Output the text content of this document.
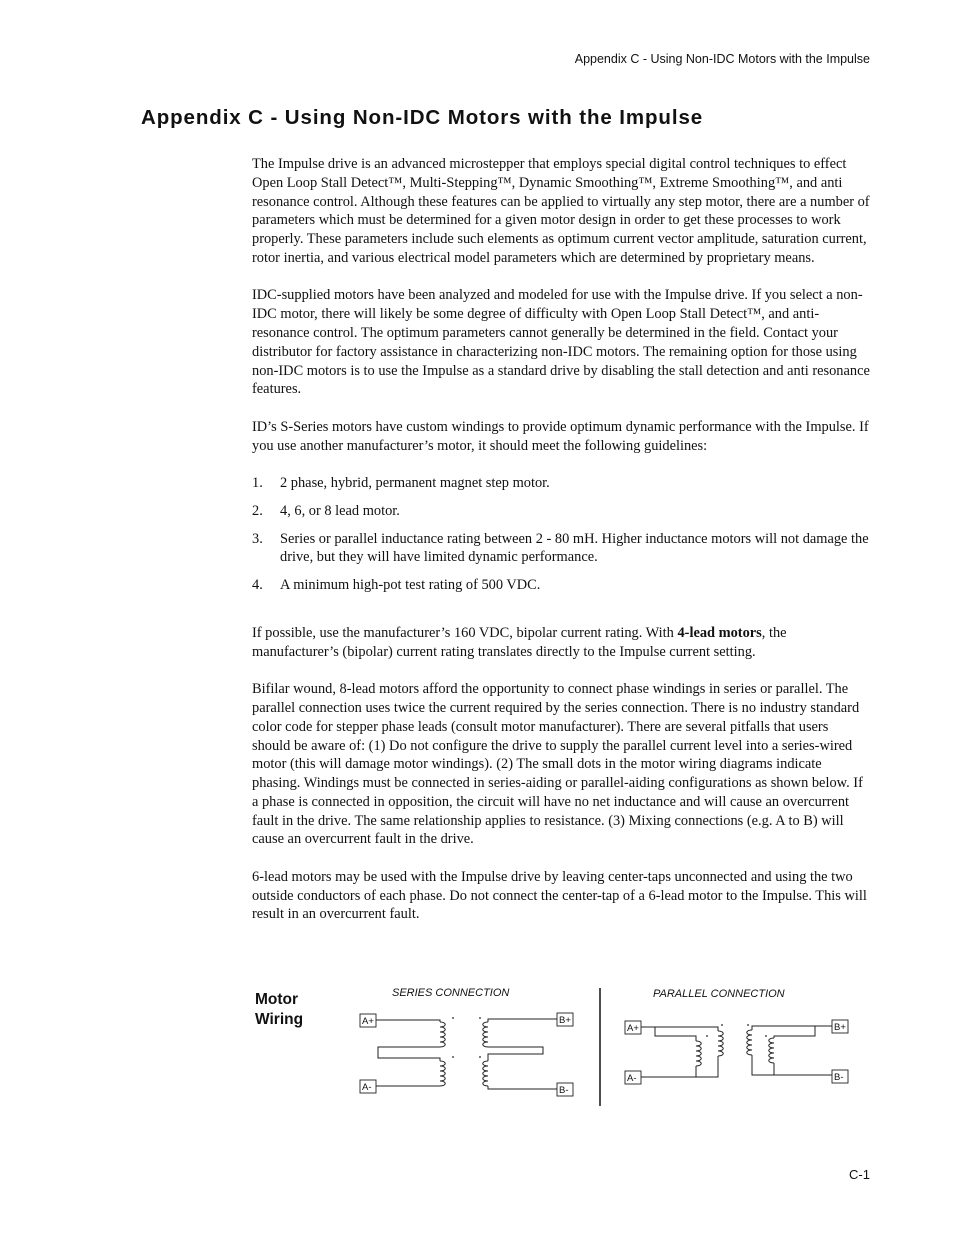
Appendix C - Using Non-IDC Motors with the Impulse
Appendix C - Using Non-IDC Motors with the Impulse

The Impulse drive is an advanced microstepper that employs special digital control techniques to effect Open Loop Stall Detect™, Multi-Stepping™, Dynamic Smoothing™, Extreme Smoothing™, and anti resonance control. Although these features can be applied to virtually any step motor, there are a number of parameters which must be determined for a given motor design in order to get these processes to work properly. These parameters include such elements as optimum current vector amplitude, saturation current, rotor inertia, and various electrical model parameters which are determined by proprietary means.

IDC-supplied motors have been analyzed and modeled for use with the Impulse drive. If you select a non-IDC motor, there will likely be some degree of difficulty with Open Loop Stall Detect™, and anti-resonance control. The optimum parameters cannot generally be determined in the field. Contact your distributor for factory assistance in characterizing non-IDC motors. The remaining option for those using non-IDC motors is to use the Impulse as a standard drive by disabling the stall detection and anti resonance features.

ID’s S-Series motors have custom windings to provide optimum dynamic performance with the Impulse. If you use another manufacturer’s motor, it should meet the following guidelines:

1. 2 phase, hybrid, permanent magnet step motor.
2. 4, 6, or 8 lead motor.
3. Series or parallel inductance rating between 2 - 80 mH. Higher inductance motors will not damage the drive, but they will have limited dynamic performance.
4. A minimum high-pot test rating of 500 VDC.

If possible, use the manufacturer’s 160 VDC, bipolar current rating. With 4-lead motors, the manufacturer’s (bipolar) current rating translates directly to the Impulse current setting.

Bifilar wound, 8-lead motors afford the opportunity to connect phase windings in series or parallel. The parallel connection uses twice the current required by the series connection. There is no industry standard color code for stepper phase leads (consult motor manufacturer). There are several pitfalls that users should be aware of: (1) Do not configure the drive to supply the parallel current level into a series-wired motor (this will damage motor windings). (2) The small dots in the motor wiring diagrams indicate phasing. Windings must be connected in series-aiding or parallel-aiding configurations as shown below. If a phase is connected in opposition, the circuit will have no net inductance and will cause an overcurrent fault in the drive. The same relationship applies to resistance. (3) Mixing connections (e.g. A to B) will cause an overcurrent fault in the drive.

6-lead motors may be used with the Impulse drive by leaving center-taps unconnected and using the two outside conductors of each phase. Do not connect the center-tap of a 6-lead motor to the Impulse. This will result in an overcurrent fault.

Motor
Wiring
SERIES CONNECTION
A+
A-
B+
B-
PARALLEL CONNECTION
A+
A-
B+
B-
C-1
